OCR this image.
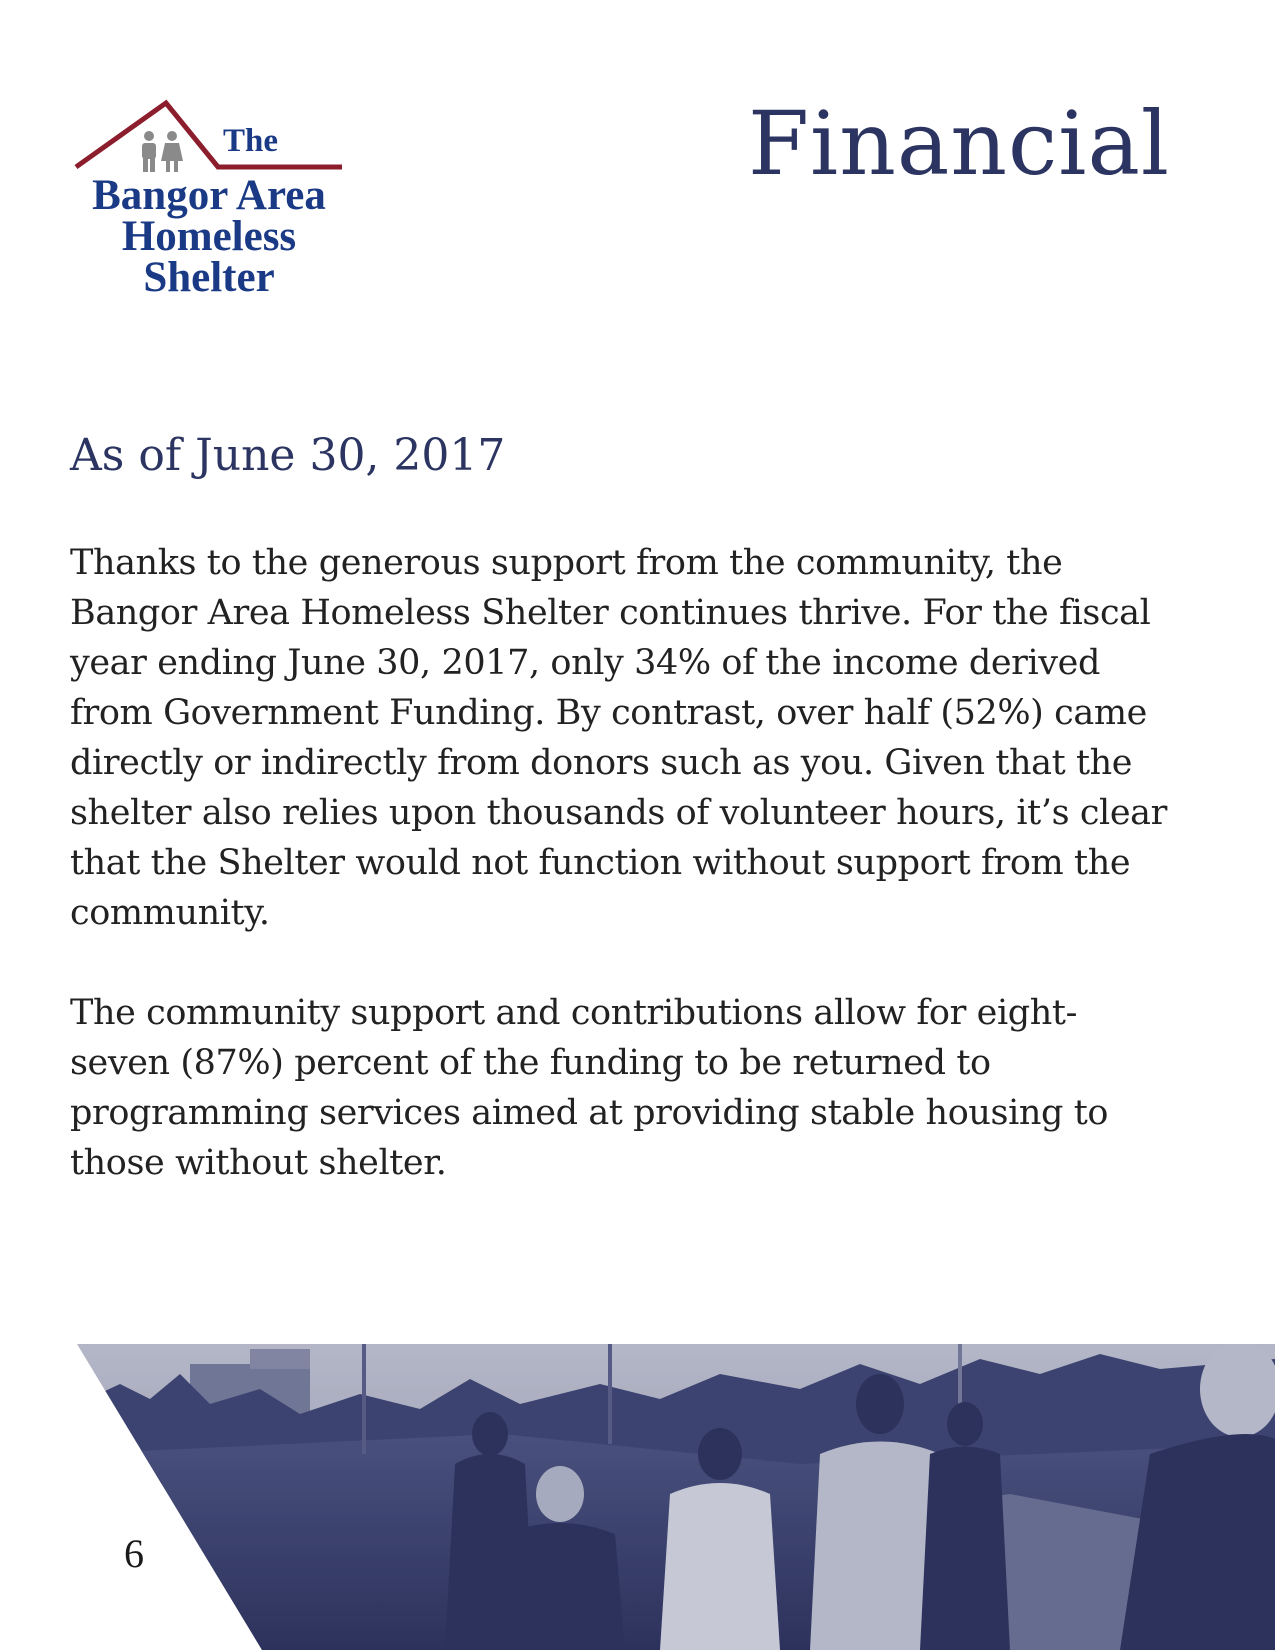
The
Bangor Area
Homeless
Shelter
Financial
As of June 30, 2017
Thanks to the generous support from the community, the
Bangor Area Homeless Shelter continues thrive. For the fiscal
year ending June 30, 2017, only 34% of the income derived
from Government Funding. By contrast, over half (52%) came
directly or indirectly from donors such as you. Given that the
shelter also relies upon thousands of volunteer hours, it’s clear
that the Shelter would not function without support from the
community.
The community support and contributions allow for eight-
seven (87%) percent of the funding to be returned to
programming services aimed at providing stable housing to
those without shelter.
6
